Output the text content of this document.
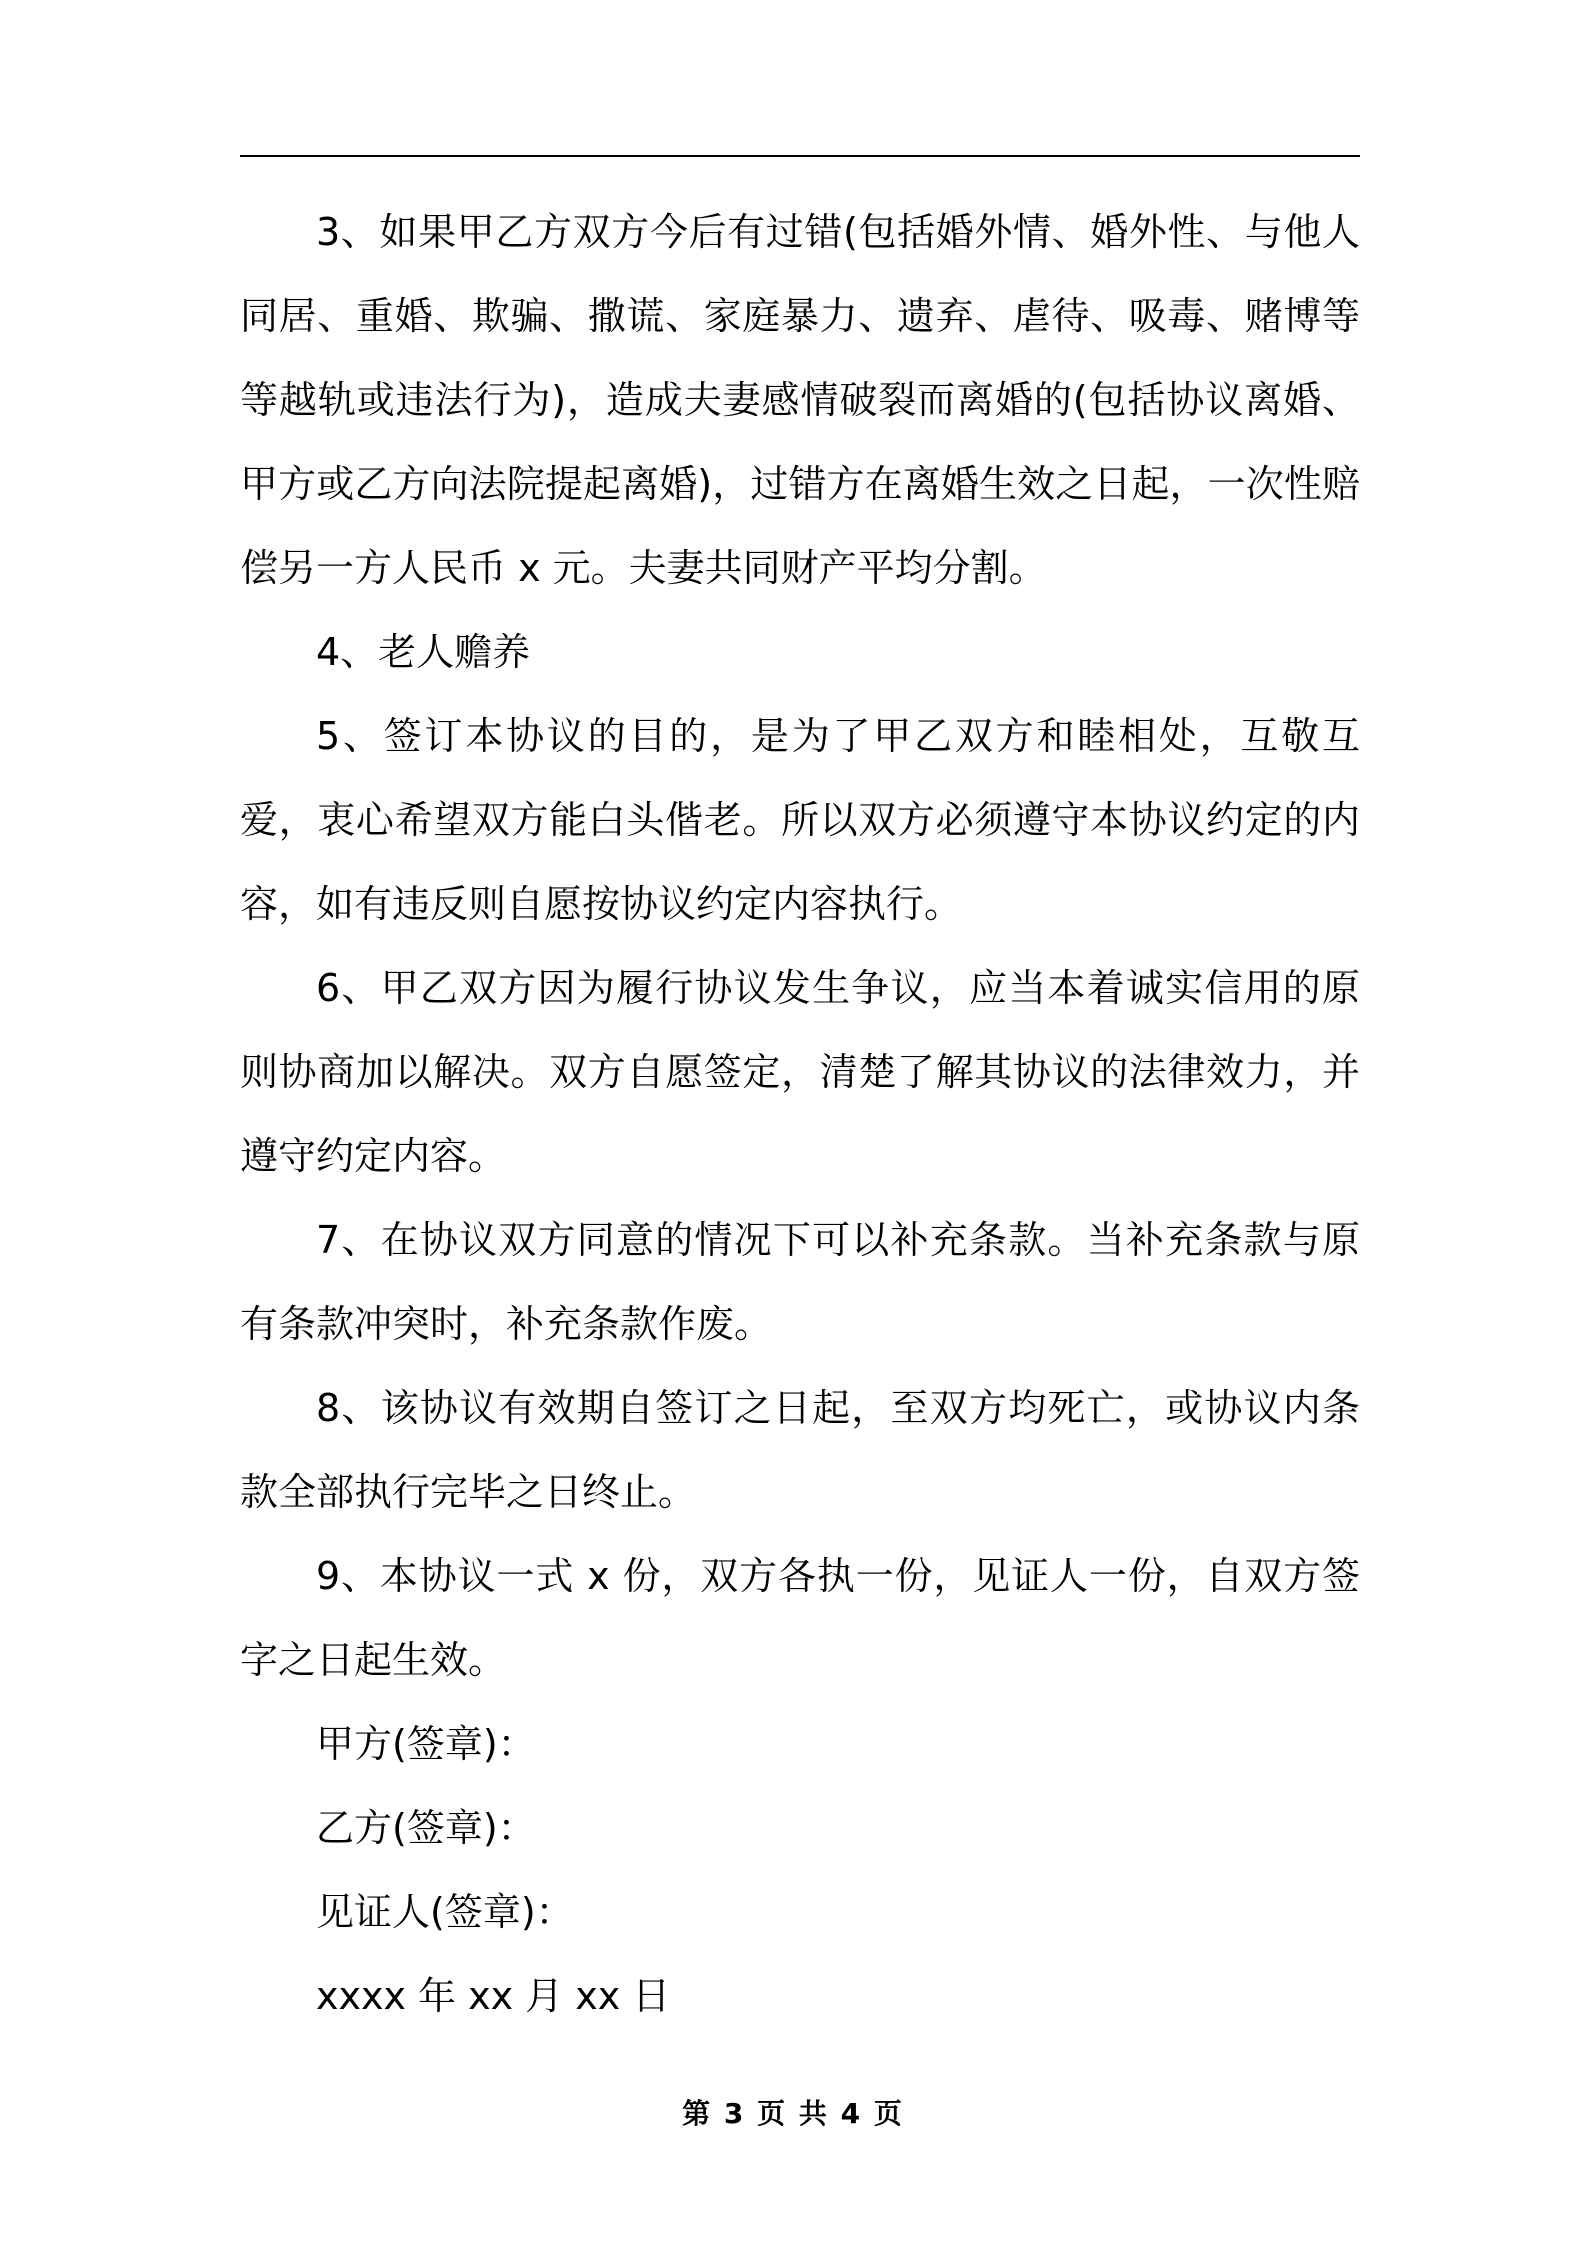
3、如果甲乙方双方今后有过错(包括婚外情、婚外性、与他人同居、重婚、欺骗、撒谎、家庭暴力、遗弃、虐待、吸毒、赌博等等越轨或违法行为)，造成夫妻感情破裂而离婚的(包括协议离婚、甲方或乙方向法院提起离婚)，过错方在离婚生效之日起，一次性赔偿另一方人民币 x 元。夫妻共同财产平均分割。

4、老人赡养

5、签订本协议的目的，是为了甲乙双方和睦相处，互敬互爱，衷心希望双方能白头偕老。所以双方必须遵守本协议约定的内容，如有违反则自愿按协议约定内容执行。

6、甲乙双方因为履行协议发生争议，应当本着诚实信用的原则协商加以解决。双方自愿签定，清楚了解其协议的法律效力，并遵守约定内容。

7、在协议双方同意的情况下可以补充条款。当补充条款与原有条款冲突时，补充条款作废。

8、该协议有效期自签订之日起，至双方均死亡，或协议内条款全部执行完毕之日终止。

9、本协议一式 x 份，双方各执一份，见证人一份，自双方签字之日起生效。

甲方(签章)：
乙方(签章)：
见证人(签章)：
xxxx 年 xx 月 xx 日
第 3 页 共 4 页
